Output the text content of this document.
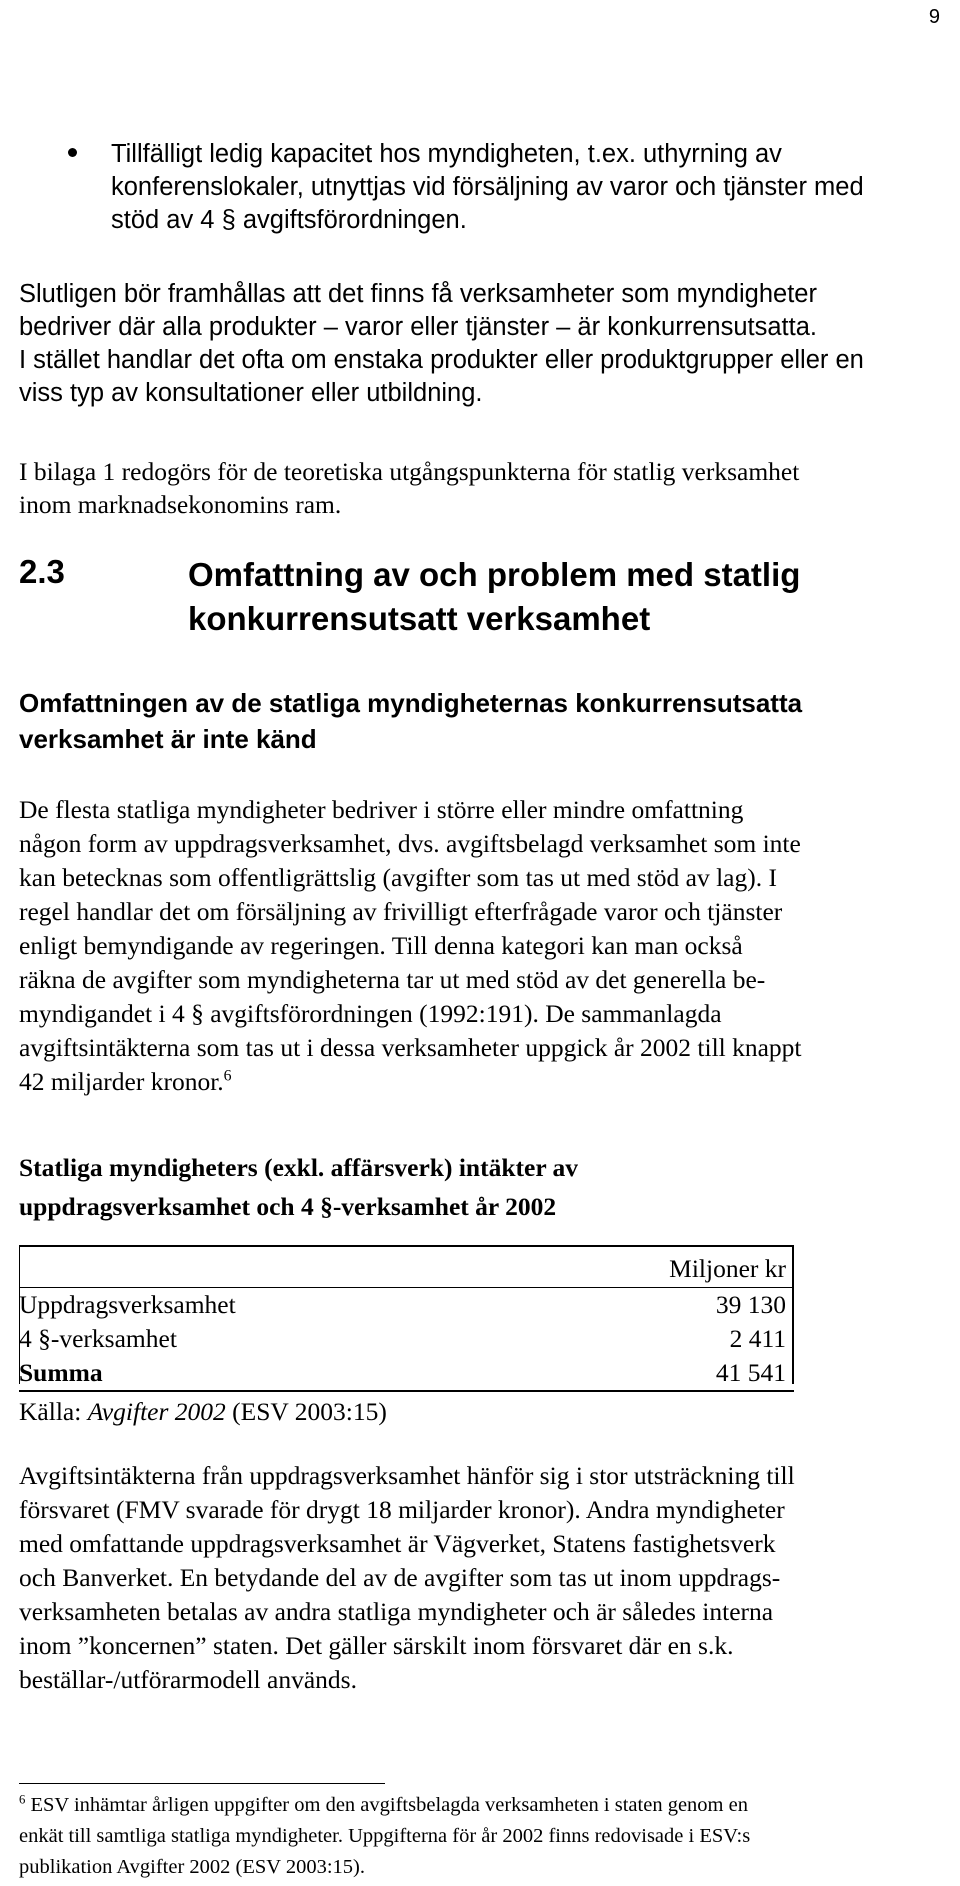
9
Tillfälligt ledig kapacitet hos myndigheten, t.ex. uthyrning av
konferenslokaler, utnyttjas vid försäljning av varor och tjänster med
stöd av 4 § avgiftsförordningen.
Slutligen bör framhållas att det finns få verksamheter som myndigheter
bedriver där alla produkter – varor eller tjänster – är konkurrensutsatta.
I stället handlar det ofta om enstaka produkter eller produktgrupper eller en
viss typ av konsultationer eller utbildning.
I bilaga 1 redogörs för de teoretiska utgångspunkterna för statlig verksamhet
inom marknadsekonomins ram.
2.3	Omfattning av och problem med statlig
konkurrensutsatt verksamhet
Omfattningen av de statliga myndigheternas konkurrensutsatta
verksamhet är inte känd
De flesta statliga myndigheter bedriver i större eller mindre omfattning
någon form av uppdragsverksamhet, dvs. avgiftsbelagd verksamhet som inte
kan betecknas som offentligrättslig (avgifter som tas ut med stöd av lag). I
regel handlar det om försäljning av frivilligt efterfrågade varor och tjänster
enligt bemyndigande av regeringen. Till denna kategori kan man också
räkna de avgifter som myndigheterna tar ut med stöd av det generella be-
myndigandet i 4 § avgiftsförordningen (1992:191). De sammanlagda
avgiftsintäkterna som tas ut i dessa verksamheter uppgick år 2002 till knappt
42 miljarder kronor.$^6$
Statliga myndigheters (exkl. affärsverk) intäkter av
uppdragsverksamhet och 4 §-verksamhet år 2002
Miljoner kr
Uppdragsverksamhet	39 130
4 §-verksamhet	2 411
Summa	41 541
Källa: Avgifter 2002 (ESV 2003:15)
Avgiftsintäkterna från uppdragsverksamhet hänför sig i stor utsträckning till
försvaret (FMV svarade för drygt 18 miljarder kronor). Andra myndigheter
med omfattande uppdragsverksamhet är Vägverket, Statens fastighetsverk
och Banverket. En betydande del av de avgifter som tas ut inom uppdrags-
verksamheten betalas av andra statliga myndigheter och är således interna
inom ”koncernen” staten. Det gäller särskilt inom försvaret där en s.k.
beställar-/utförarmodell används.
$^6$ ESV inhämtar årligen uppgifter om den avgiftsbelagda verksamheten i staten genom en
enkät till samtliga statliga myndigheter. Uppgifterna för år 2002 finns redovisade i ESV:s
publikation Avgifter 2002 (ESV 2003:15).
